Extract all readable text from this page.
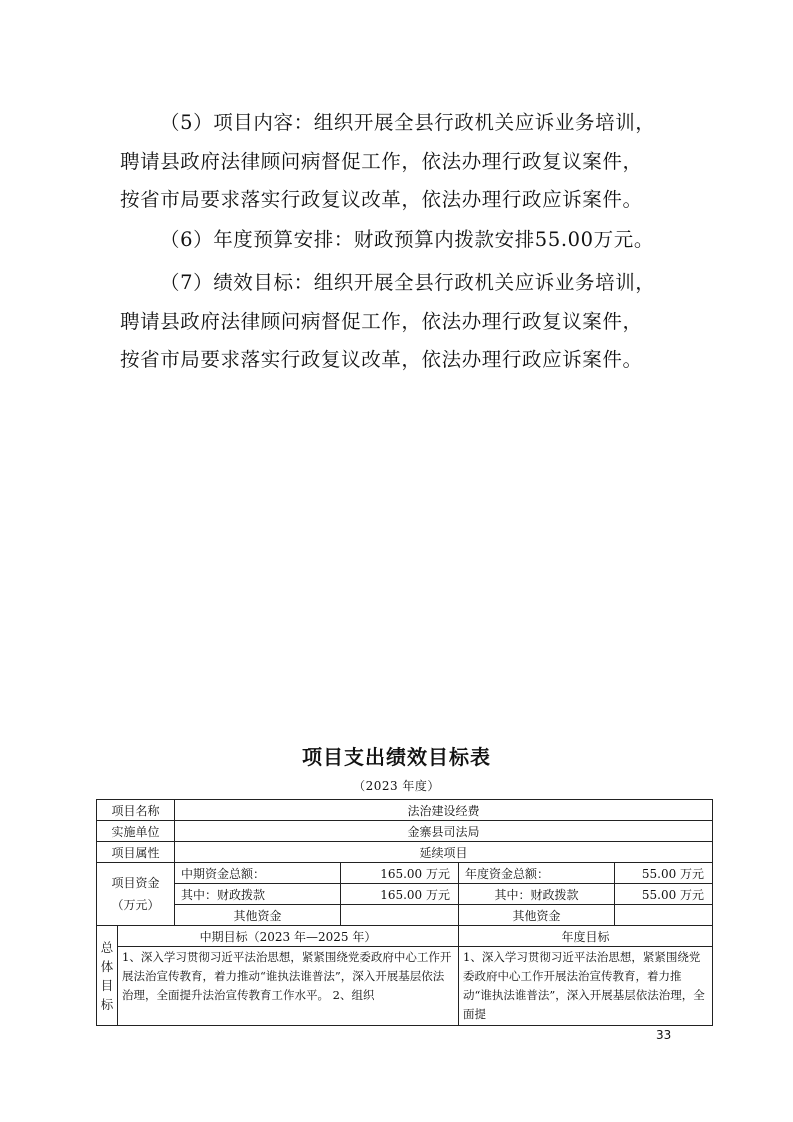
（5）项目内容：组织开展全县行政机关应诉业务培训，
聘请县政府法律顾问病督促工作，依法办理行政复议案件，
按省市局要求落实行政复议改革，依法办理行政应诉案件。
（6）年度预算安排：财政预算内拨款安排55.00万元。
（7）绩效目标：组织开展全县行政机关应诉业务培训，
聘请县政府法律顾问病督促工作，依法办理行政复议案件，
按省市局要求落实行政复议改革，依法办理行政应诉案件。
项目支出绩效目标表
（2023 年度）
项目名称		法治建设经费			
实施单位		金寨县司法局			
项目属性		延续项目			
项目资金
（万元）		中期资金总额：	165.00 万元	年度资金总额：	55.00 万元
		其中：财政拨款	165.00 万元	其中：财政拨款	55.00 万元
		其他资金		其他资金	
总
体
目
标	中期目标（2023 年—2025 年）			年度目标	
	1、深入学习贯彻习近平法治思想，紧紧围绕党委政府中心工作开展法治宣传教育，着力推动“谁执法谁普法”，深入开展基层依法治理，全面提升法治宣传教育工作水平。 2、组织			1、深入学习贯彻习近平法治思想，紧紧围绕党委政府中心工作开展法治宣传教育，着力推动“谁执法谁普法”，深入开展基层依法治理，全面提	
33
